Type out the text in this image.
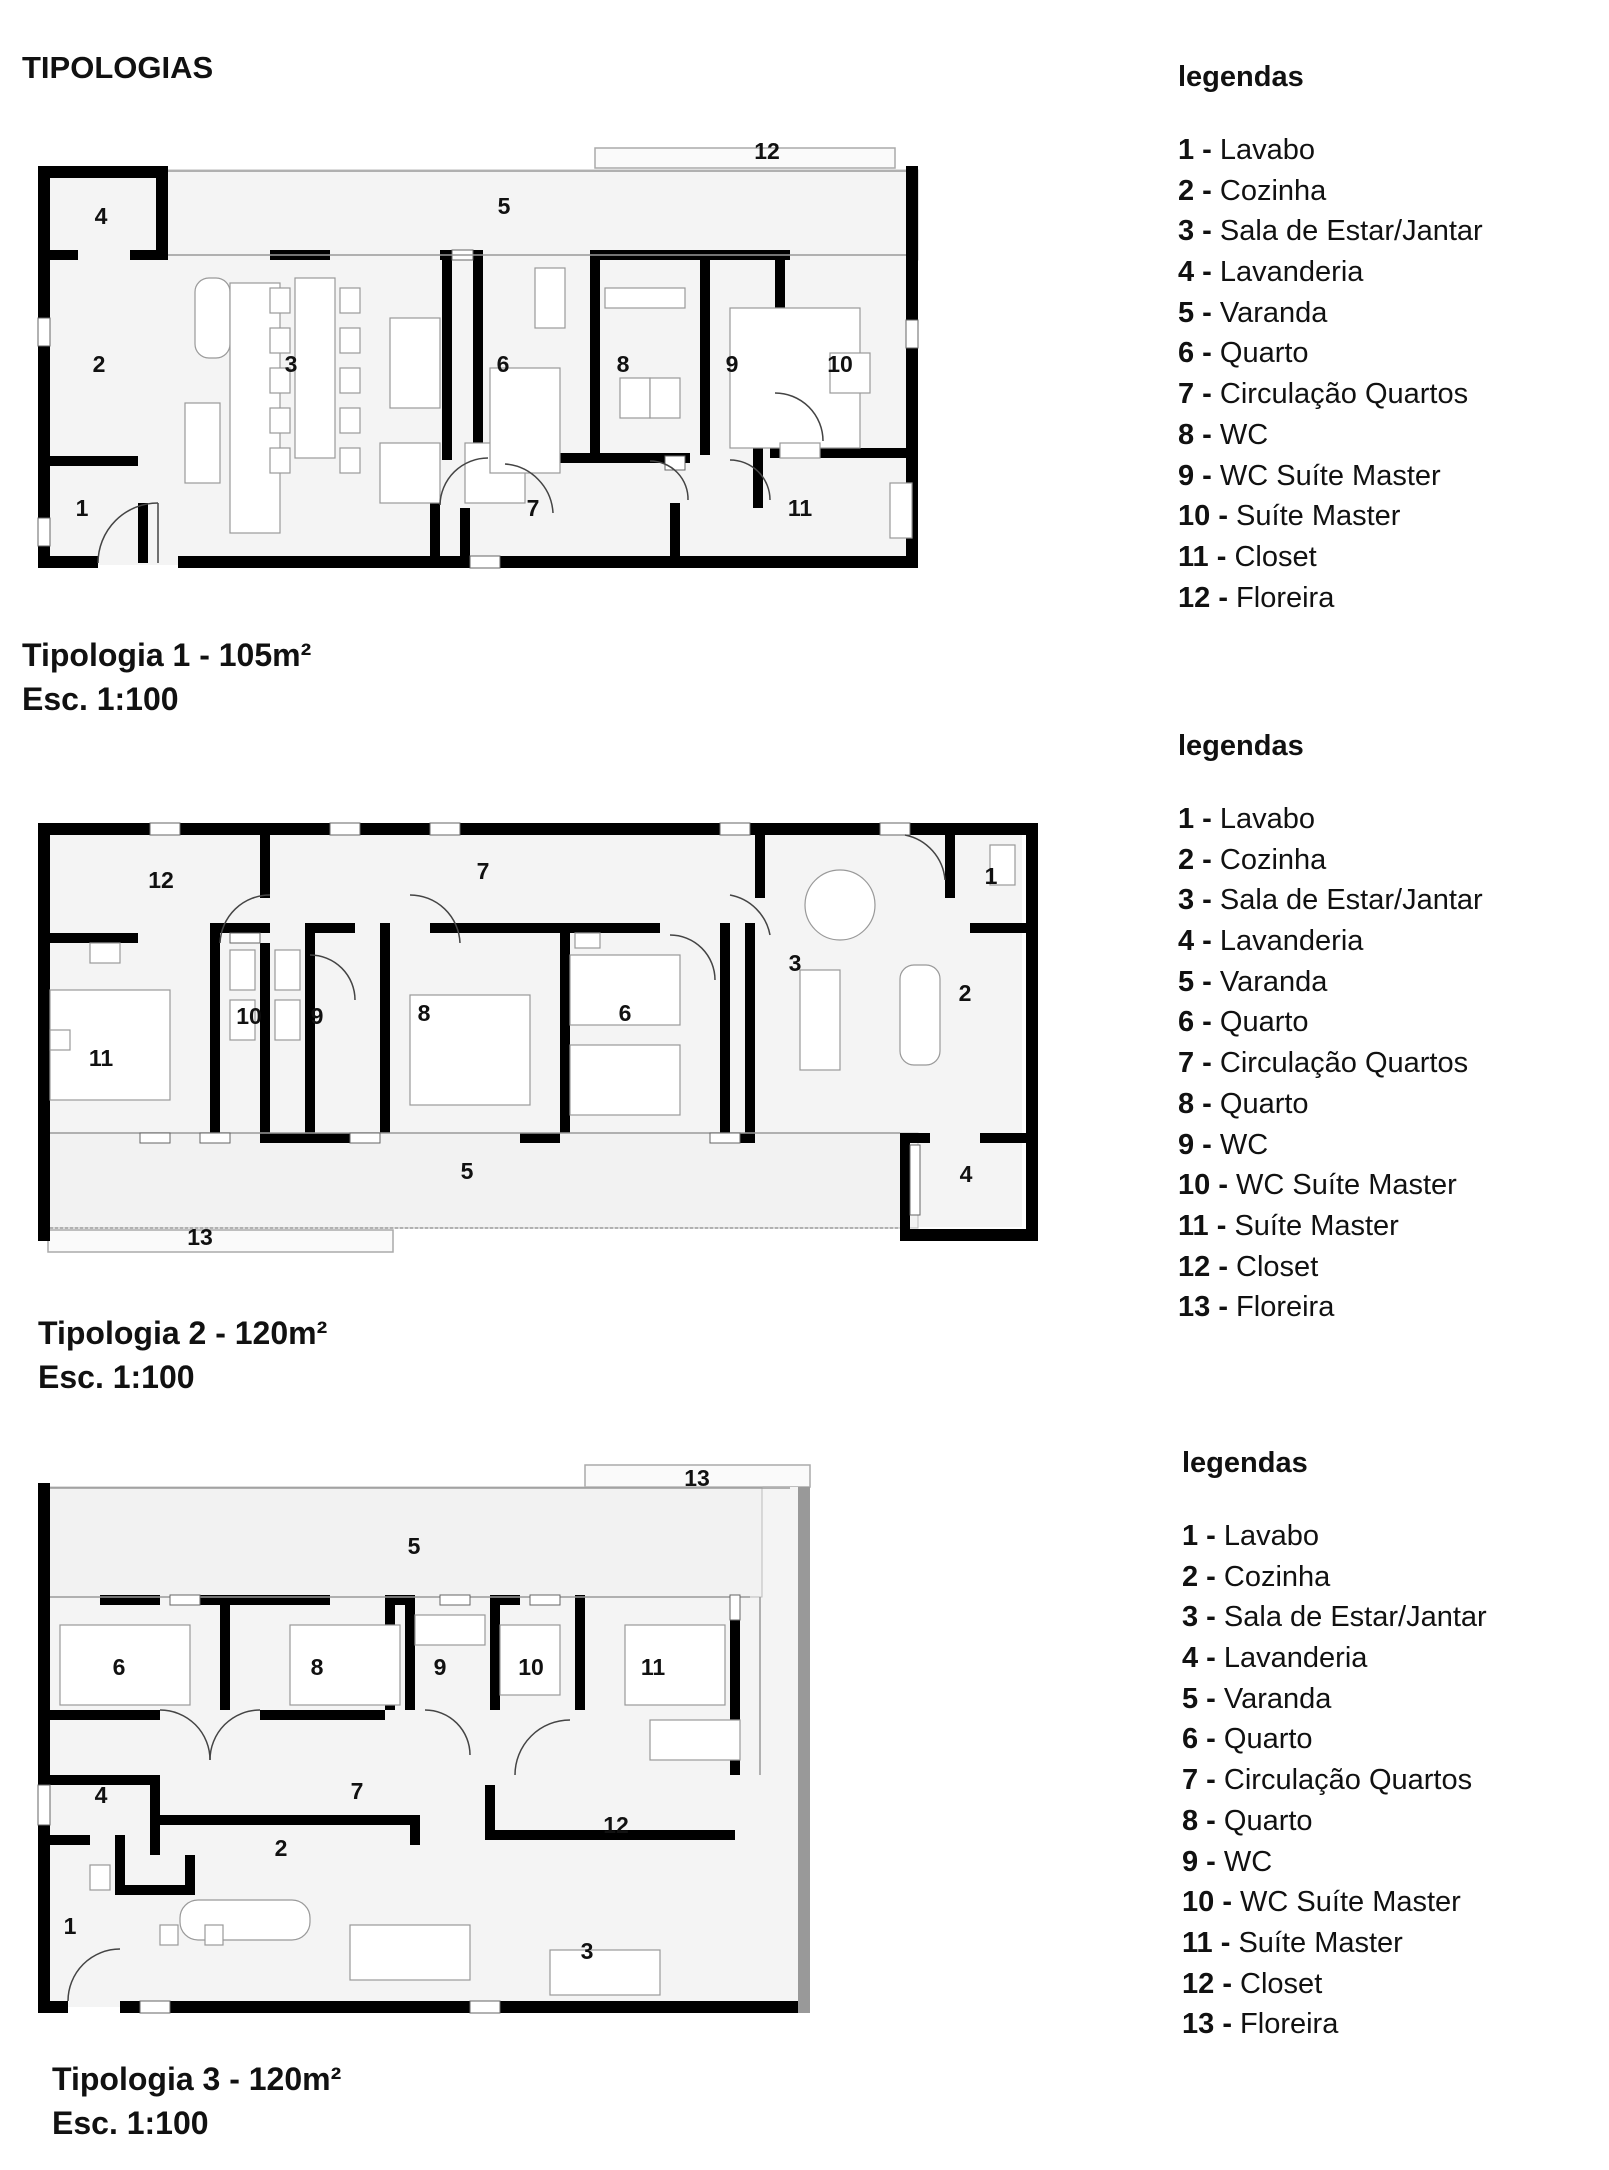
TIPOLOGIAS
1
2	3
4	5
6
7
8	9	10
11
12
Tipologia 1 - 105m²
Esc. 1:100
legendas
1 - Lavabo
2 - Cozinha
3 - Sala de Estar/Jantar
4 - Lavanderia
5 - Varanda
6 - Quarto
7 - Circulação Quartos
8 - WC
9 - WC Suíte Master
10 - Suíte Master
11 - Closet
12 - Floreira
1
2
3
4
5
6
7
8
9
10
11
12
13
Tipologia 2 - 120m²
Esc. 1:100
legendas
1 - Lavabo
2 - Cozinha
3 - Sala de Estar/Jantar
4 - Lavanderia
5 - Varanda
6 - Quarto
7 - Circulação Quartos
8 - Quarto
9 - WC
10 - WC Suíte Master
11 - Suíte Master
12 - Closet
13 - Floreira
1
2
3
4
5
6
7
8	9	10	11
12
13
Tipologia 3 - 120m²
Esc. 1:100
legendas
1 - Lavabo
2 - Cozinha
3 - Sala de Estar/Jantar
4 - Lavanderia
5 - Varanda
6 - Quarto
7 - Circulação Quartos
8 - Quarto
9 - WC
10 - WC Suíte Master
11 - Suíte Master
12 - Closet
13 - Floreira
